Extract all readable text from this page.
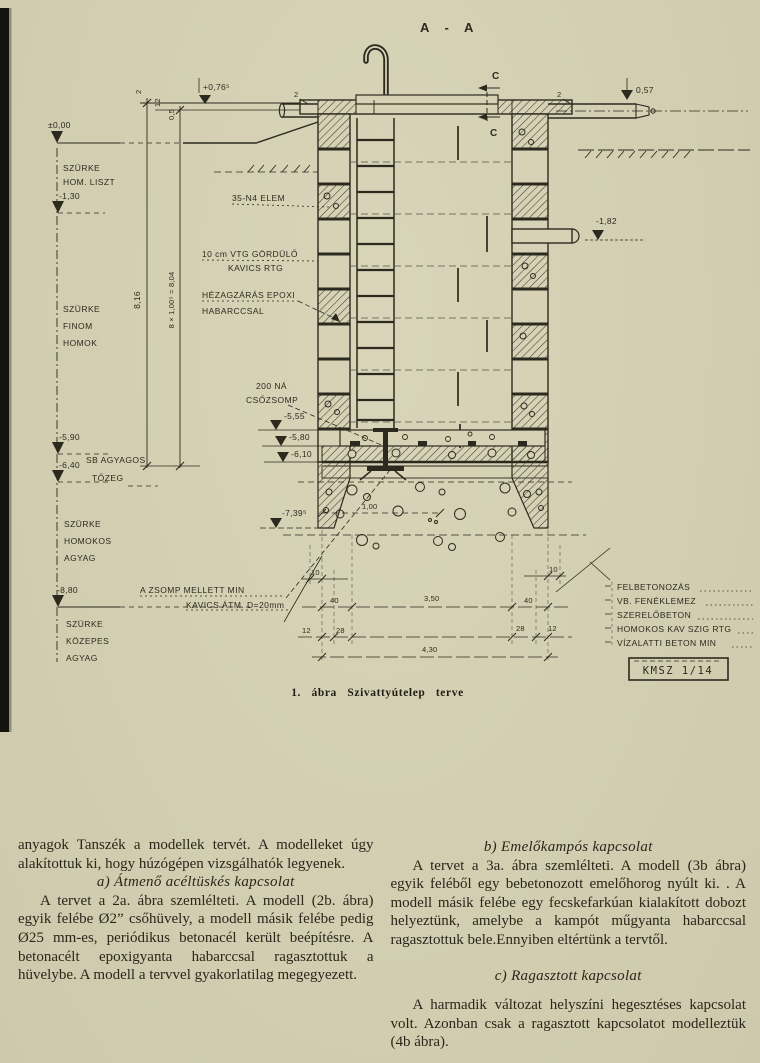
A - A
2	2	0,57
C
C
-1,82
1,00
-5,55
-5,80
-6,10
-7,39⁵
8,16	8 × 1,00⁵ = 8,04
2
12
0,5
+0,76⁵
±0,00
SZÜRKE
HOM. LISZT
-1,30
SZÜRKE
FINOM
HOMOK
-5,90
SB AGYAGOS
TŐZEG
-6,40
SZÜRKE
HOMOKOS
AGYAG
-8,80
SZÜRKE
KÖZEPES
AGYAG
35-N4 ELEM
10 cm VTG GÖRDÜLŐ
KAVICS RTG
HÉZAGZÁRÁS EPOXI
HABARCCSAL
200 NÁ
CSŐZSOMP
A ZSOMP MELLETT MIN
KAVICS ÁTM. D=20mm
10	10
40	3,50	40
12	28	28	12
4,30
FELBETONOZÁS
VB. FENÉKLEMEZ
SZERELŐBETON
HOMOKOS KAV SZIG RTG
VÍZALATTI BETON MIN
KMSZ 1/14
1. ábra Szivattyútelep terve

anyagok Tanszék a modellek tervét. A modelleket úgy alakítottuk ki, hogy húzógépen vizsgálhatók legyenek.

a) Átmenő acéltüskés kapcsolat

A tervet a 2a. ábra szemlélteti. A modell (2b. ábra) egyik felébe Ø2” csőhüvely, a modell másik felébe pedig Ø25 mm-es, periódikus betonacél került beépítésre. A betonacélt epoxigyanta habarccsal ragasztottuk a hüvelybe. A modell a tervvel gyakorlatilag megegyezett.

b) Emelőkampós kapcsolat

A tervet a 3a. ábra szemlélteti. A modell (3b ábra) egyik feléből egy bebetonozott emelőhorog nyúlt ki. . A modell másik felébe egy fecskefarkúan kialakított dobozt helyeztünk, amelybe a kampót műgyanta habarccsal ragasztottuk bele.Ennyiben eltértünk a tervtől.

c) Ragasztott kapcsolat

A harmadik változat helyszíni hegesztéses kapcsolat volt. Azonban csak a ragasztott kapcsolatot modelleztük (4b ábra).
